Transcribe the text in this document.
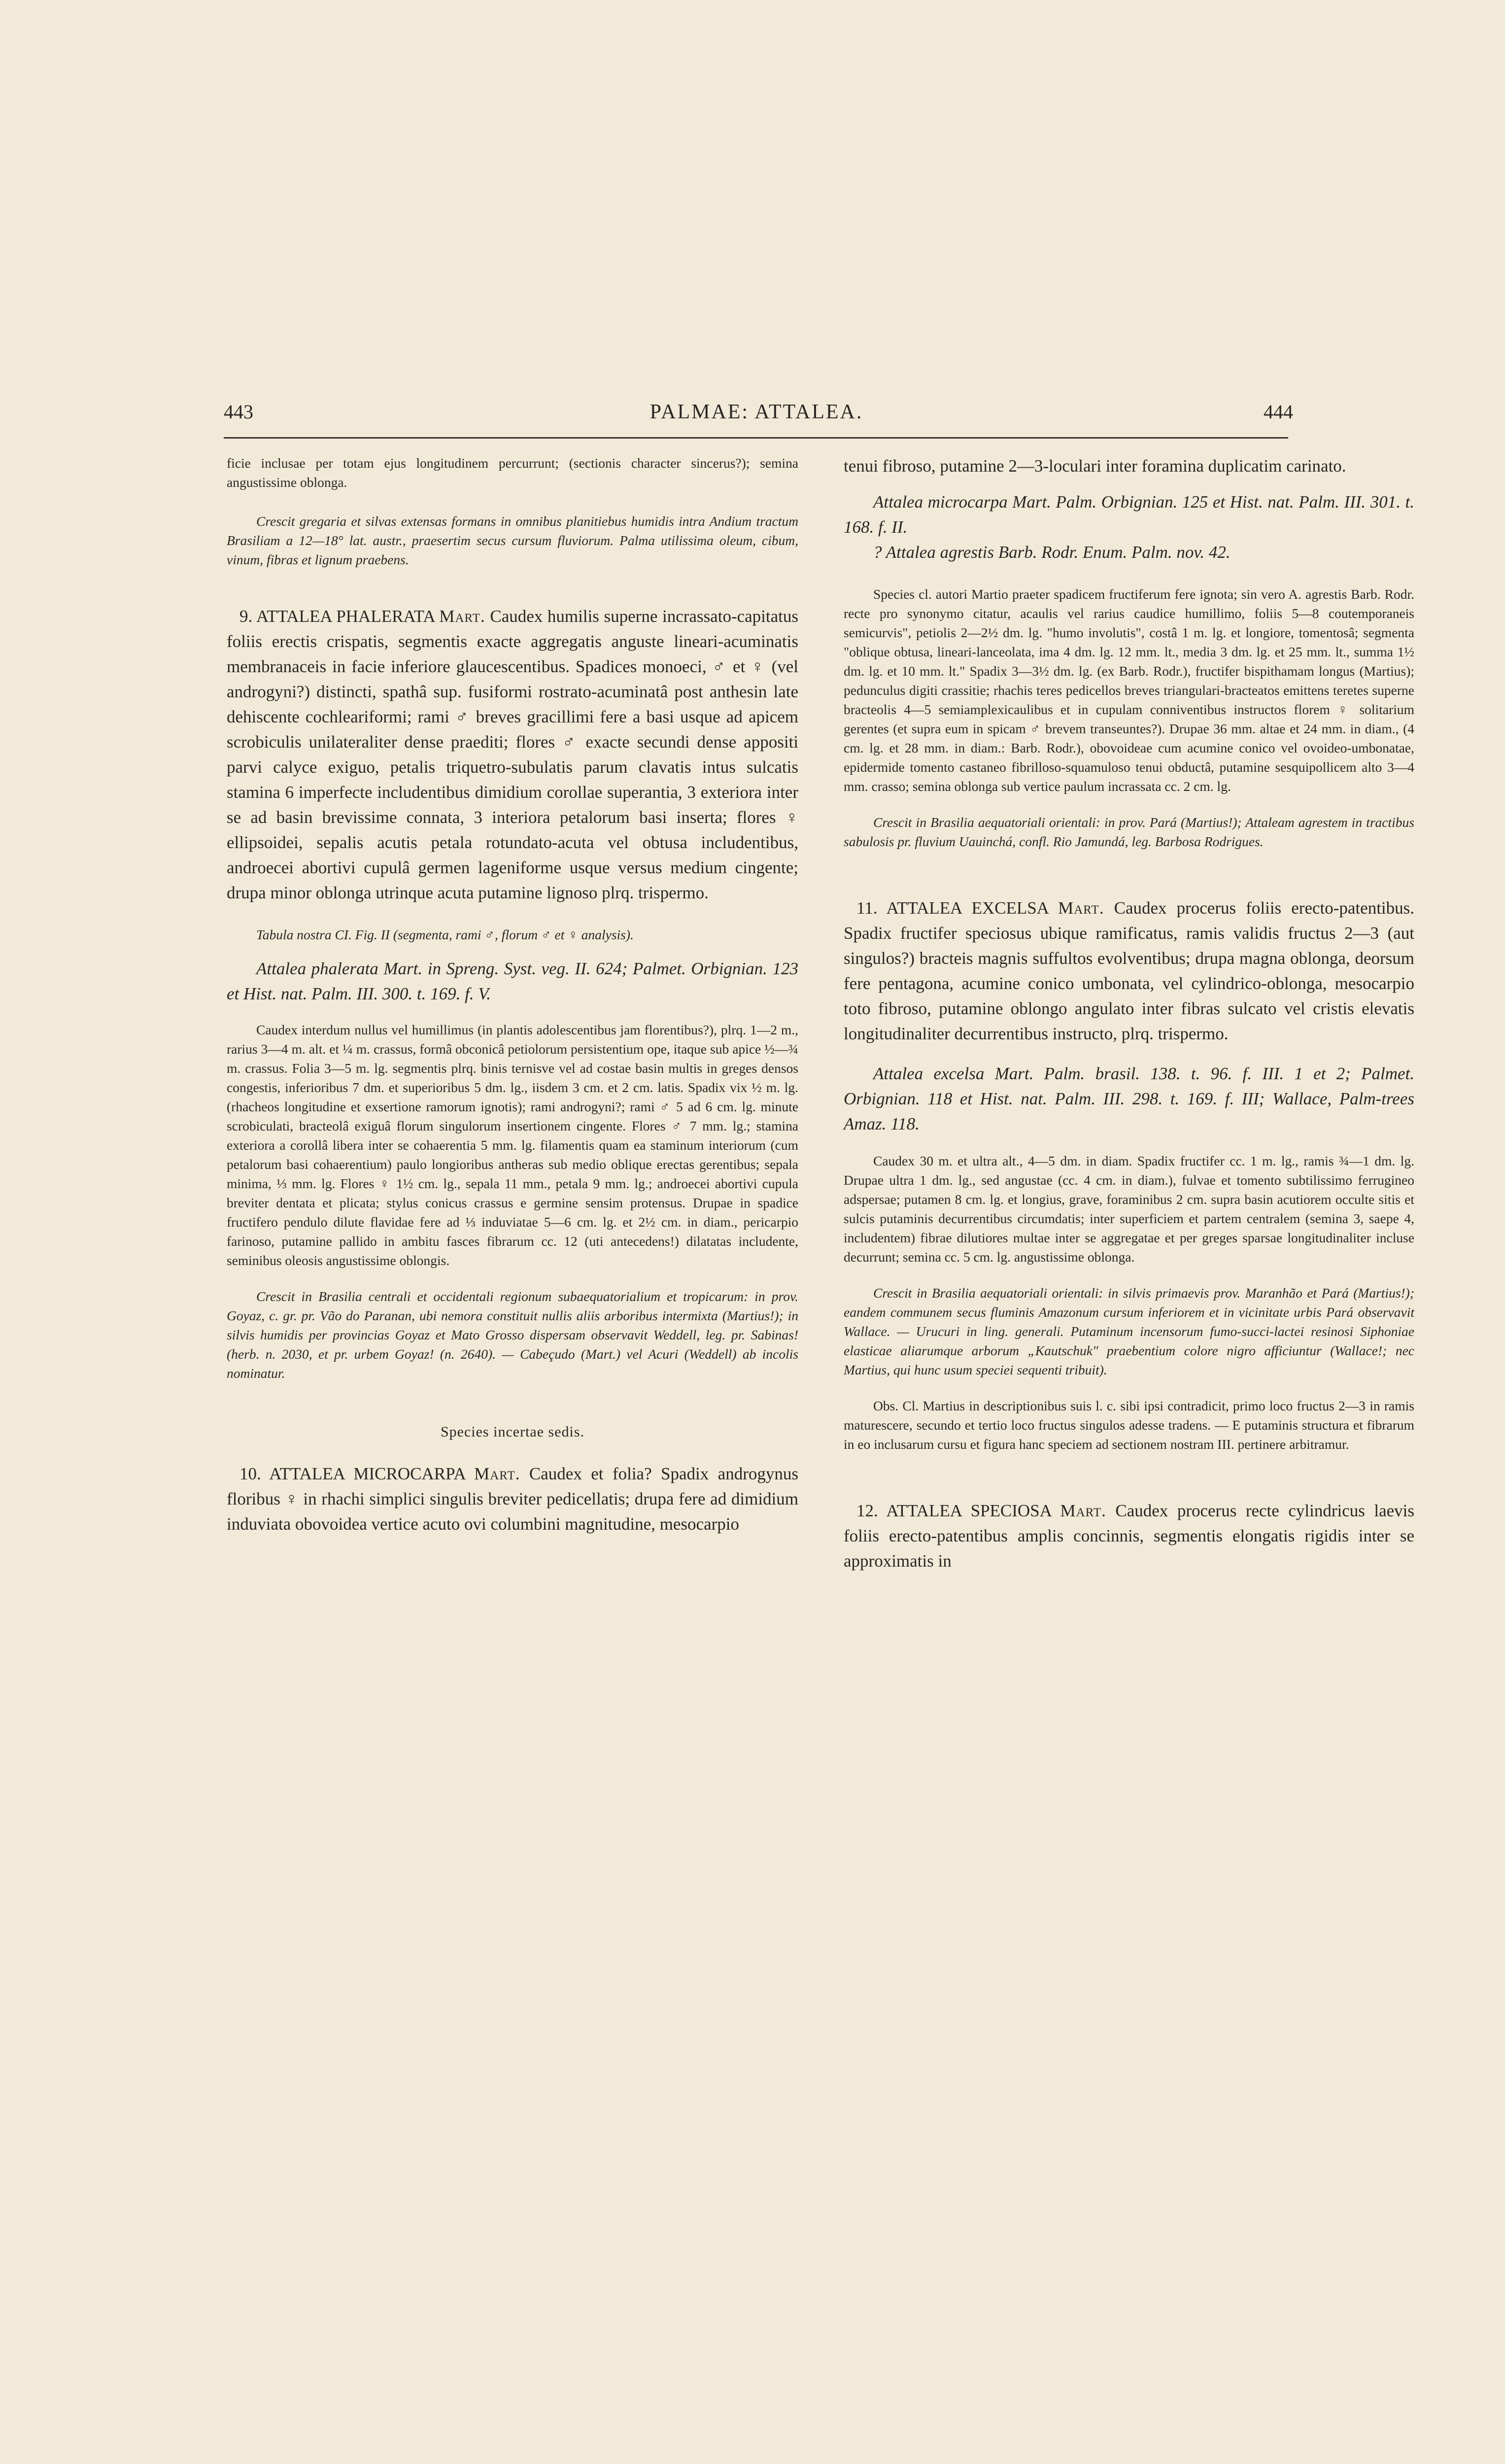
443	PALMAE: ATTALEA.	444

ficie inclusae per totam ejus longitudinem percurrunt; (sectionis character sincerus?); semina angustissime oblonga.

Crescit gregaria et silvas extensas formans in omnibus planitiebus humidis intra Andium tractum Brasiliam a 12—18° lat. austr., praesertim secus cursum fluviorum. Palma utilissima oleum, cibum, vinum, fibras et lignum praebens.

9. ATTALEA PHALERATA Mart. Caudex humilis superne incrassato-capitatus foliis erectis crispatis, segmentis exacte aggregatis anguste lineari-acuminatis membranaceis in facie inferiore glaucescentibus. Spadices monoeci, ♂ et ♀ (vel androgyni?) distincti, spathâ sup. fusiformi rostrato-acuminatâ post anthesin late dehiscente cochleariformi; rami ♂ breves gracillimi fere a basi usque ad apicem scrobiculis unilateraliter dense praediti; flores ♂ exacte secundi dense appositi parvi calyce exiguo, petalis triquetro-subulatis parum clavatis intus sulcatis stamina 6 imperfecte includentibus dimidium corollae superantia, 3 exteriora inter se ad basin brevissime connata, 3 interiora petalorum basi inserta; flores ♀ ellipsoidei, sepalis acutis petala rotundato-acuta vel obtusa includentibus, androecei abortivi cupulâ germen lageniforme usque versus medium cingente; drupa minor oblonga utrinque acuta putamine lignoso plrq. trispermo.

Tabula nostra CI. Fig. II (segmenta, rami ♂, florum ♂ et ♀ analysis).

Attalea phalerata Mart. in Spreng. Syst. veg. II. 624; Palmet. Orbignian. 123 et Hist. nat. Palm. III. 300. t. 169. f. V.

Caudex interdum nullus vel humillimus (in plantis adolescentibus jam florentibus?), plrq. 1—2 m., rarius 3—4 m. alt. et ¼ m. crassus, formâ obconicâ petiolorum persistentium ope, itaque sub apice ½—¾ m. crassus. Folia 3—5 m. lg. segmentis plrq. binis ternisve vel ad costae basin multis in greges densos congestis, inferioribus 7 dm. et superioribus 5 dm. lg., iisdem 3 cm. et 2 cm. latis. Spadix vix ½ m. lg. (rhacheos longitudine et exsertione ramorum ignotis); rami androgyni?; rami ♂ 5 ad 6 cm. lg. minute scrobiculati, bracteolâ exiguâ florum singulorum insertionem cingente. Flores ♂ 7 mm. lg.; stamina exteriora a corollâ libera inter se cohaerentia 5 mm. lg. filamentis quam ea staminum interiorum (cum petalorum basi cohaerentium) paulo longioribus antheras sub medio oblique erectas gerentibus; sepala minima, ⅓ mm. lg. Flores ♀ 1½ cm. lg., sepala 11 mm., petala 9 mm. lg.; androecei abortivi cupula breviter dentata et plicata; stylus conicus crassus e germine sensim protensus. Drupae in spadice fructifero pendulo dilute flavidae fere ad ⅓ induviatae 5—6 cm. lg. et 2½ cm. in diam., pericarpio farinoso, putamine pallido in ambitu fasces fibrarum cc. 12 (uti antecedens!) dilatatas includente, seminibus oleosis angustissime oblongis.

Crescit in Brasilia centrali et occidentali regionum subaequatorialium et tropicarum: in prov. Goyaz, c. gr. pr. Vão do Paranan, ubi nemora constituit nullis aliis arboribus intermixta (Martius!); in silvis humidis per provincias Goyaz et Mato Grosso dispersam observavit Weddell, leg. pr. Sabinas! (herb. n. 2030, et pr. urbem Goyaz! (n. 2640). — Cabeçudo (Mart.) vel Acuri (Weddell) ab incolis nominatur.

Species incertae sedis.

10. ATTALEA MICROCARPA Mart. Caudex et folia? Spadix androgynus floribus ♀ in rhachi simplici singulis breviter pedicellatis; drupa fere ad dimidium induviata obovoidea vertice acuto ovi columbini magnitudine, mesocarpio

tenui fibroso, putamine 2—3-loculari inter foramina duplicatim carinato.

Attalea microcarpa Mart. Palm. Orbignian. 125 et Hist. nat. Palm. III. 301. t. 168. f. II.

? Attalea agrestis Barb. Rodr. Enum. Palm. nov. 42.

Species cl. autori Martio praeter spadicem fructiferum fere ignota; sin vero A. agrestis Barb. Rodr. recte pro synonymo citatur, acaulis vel rarius caudice humillimo, foliis 5—8 coutemporaneis semicurvis", petiolis 2—2½ dm. lg. "humo involutis", costâ 1 m. lg. et longiore, tomentosâ; segmenta "oblique obtusa, lineari-lanceolata, ima 4 dm. lg. 12 mm. lt., media 3 dm. lg. et 25 mm. lt., summa 1½ dm. lg. et 10 mm. lt." Spadix 3—3½ dm. lg. (ex Barb. Rodr.), fructifer bispithamam longus (Martius); pedunculus digiti crassitie; rhachis teres pedicellos breves triangulari-bracteatos emittens teretes superne bracteolis 4—5 semiamplexicaulibus et in cupulam conniventibus instructos florem ♀ solitarium gerentes (et supra eum in spicam ♂ brevem transeuntes?). Drupae 36 mm. altae et 24 mm. in diam., (4 cm. lg. et 28 mm. in diam.: Barb. Rodr.), obovoideae cum acumine conico vel ovoideo-umbonatae, epidermide tomento castaneo fibrilloso-squamuloso tenui obductâ, putamine sesquipollicem alto 3—4 mm. crasso; semina oblonga sub vertice paulum incrassata cc. 2 cm. lg.

Crescit in Brasilia aequatoriali orientali: in prov. Pará (Martius!); Attaleam agrestem in tractibus sabulosis pr. fluvium Uauinchá, confl. Rio Jamundá, leg. Barbosa Rodrigues.

11. ATTALEA EXCELSA Mart. Caudex procerus foliis erecto-patentibus. Spadix fructifer speciosus ubique ramificatus, ramis validis fructus 2—3 (aut singulos?) bracteis magnis suffultos evolventibus; drupa magna oblonga, deorsum fere pentagona, acumine conico umbonata, vel cylindrico-oblonga, mesocarpio toto fibroso, putamine oblongo angulato inter fibras sulcato vel cristis elevatis longitudinaliter decurrentibus instructo, plrq. trispermo.

Attalea excelsa Mart. Palm. brasil. 138. t. 96. f. III. 1 et 2; Palmet. Orbignian. 118 et Hist. nat. Palm. III. 298. t. 169. f. III; Wallace, Palm-trees Amaz. 118.

Caudex 30 m. et ultra alt., 4—5 dm. in diam. Spadix fructifer cc. 1 m. lg., ramis ¾—1 dm. lg. Drupae ultra 1 dm. lg., sed angustae (cc. 4 cm. in diam.), fulvae et tomento subtilissimo ferrugineo adspersae; putamen 8 cm. lg. et longius, grave, foraminibus 2 cm. supra basin acutiorem occulte sitis et sulcis putaminis decurrentibus circumdatis; inter superficiem et partem centralem (semina 3, saepe 4, includentem) fibrae dilutiores multae inter se aggregatae et per greges sparsae longitudinaliter incluse decurrunt; semina cc. 5 cm. lg. angustissime oblonga.

Crescit in Brasilia aequatoriali orientali: in silvis primaevis prov. Maranhão et Pará (Martius!); eandem communem secus fluminis Amazonum cursum inferiorem et in vicinitate urbis Pará observavit Wallace. — Urucuri in ling. generali. Putaminum incensorum fumo-succi-lactei resinosi Siphoniae elasticae aliarumque arborum „Kautschuk" praebentium colore nigro afficiuntur (Wallace!; nec Martius, qui hunc usum speciei sequenti tribuit).

Obs. Cl. Martius in descriptionibus suis l. c. sibi ipsi contradicit, primo loco fructus 2—3 in ramis maturescere, secundo et tertio loco fructus singulos adesse tradens. — E putaminis structura et fibrarum in eo inclusarum cursu et figura hanc speciem ad sectionem nostram III. pertinere arbitramur.

12. ATTALEA SPECIOSA Mart. Caudex procerus recte cylindricus laevis foliis erecto-patentibus amplis concinnis, segmentis elongatis rigidis inter se approximatis in
